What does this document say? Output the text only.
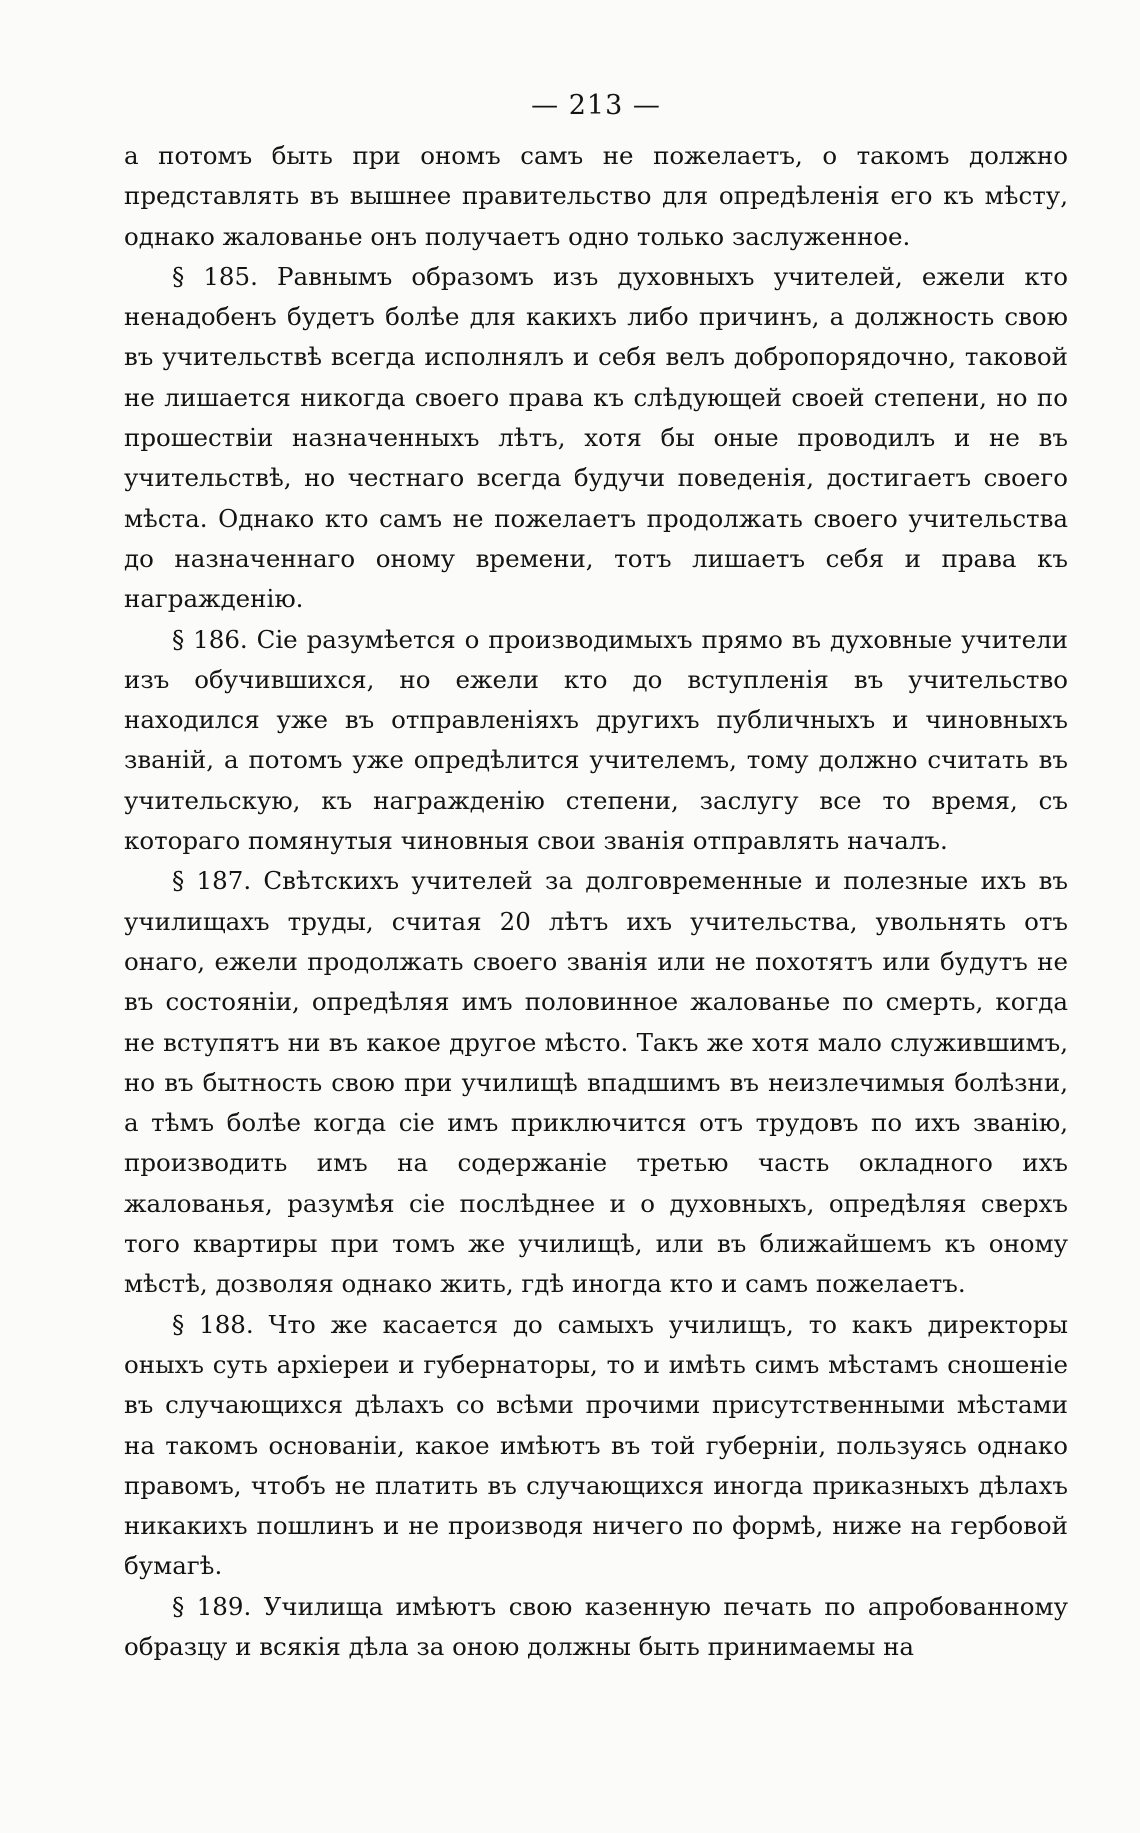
— 213 —

а потомъ быть при ономъ самъ не пожелаетъ, о такомъ должно представлять въ вышнее правительство для опредѣленія его къ мѣсту, однако жалованье онъ получаетъ одно только заслуженное.

§ 185. Равнымъ образомъ изъ духовныхъ учителей, ежели кто ненадобенъ будетъ болѣе для какихъ либо причинъ, а должность свою въ учительствѣ всегда исполнялъ и себя велъ добропорядочно, таковой не лишается никогда своего права къ слѣдующей своей степени, но по прошествіи назначенныхъ лѣтъ, хотя бы оные проводилъ и не въ учительствѣ, но честнаго всегда будучи поведенія, достигаетъ своего мѣста. Однако кто самъ не пожелаетъ продолжать своего учительства до назначеннаго оному времени, тотъ лишаетъ себя и права къ награжденію.

§ 186. Сіе разумѣется о производимыхъ прямо въ духовные учители изъ обучившихся, но ежели кто до вступленія въ учительство находился уже въ отправленіяхъ другихъ публичныхъ и чиновныхъ званій, а потомъ уже опредѣлится учителемъ, тому должно считать въ учительскую, къ награжденію степени, заслугу все то время, съ котораго помянутыя чиновныя свои званія отправлять началъ.

§ 187. Свѣтскихъ учителей за долговременные и полезные ихъ въ училищахъ труды, считая 20 лѣтъ ихъ учительства, увольнять отъ онаго, ежели продолжать своего званія или не похотятъ или будутъ не въ состояніи, опредѣляя имъ половинное жалованье по смерть, когда не вступятъ ни въ какое другое мѣсто. Такъ же хотя мало служившимъ, но въ бытность свою при училищѣ впадшимъ въ неизлечимыя болѣзни, а тѣмъ болѣе когда сіе имъ приключится отъ трудовъ по ихъ званію, производить имъ на содержаніе третью часть окладного ихъ жалованья, разумѣя сіе послѣднее и о духовныхъ, опредѣляя сверхъ того квартиры при томъ же училищѣ, или въ ближайшемъ къ оному мѣстѣ, дозволяя однако жить, гдѣ иногда кто и самъ пожелаетъ.

§ 188. Что же касается до самыхъ училищъ, то какъ директоры оныхъ суть архіереи и губернаторы, то и имѣть симъ мѣстамъ сношеніе въ случающихся дѣлахъ со всѣми прочими присутственными мѣстами на такомъ основаніи, какое имѣютъ въ той губерніи, пользуясь однако правомъ, чтобъ не платить въ случающихся иногда приказныхъ дѣлахъ никакихъ пошлинъ и не производя ничего по формѣ, ниже на гербовой бумагѣ.

§ 189. Училища имѣютъ свою казенную печать по апробованному образцу и всякія дѣла за оною должны быть принимаемы на
